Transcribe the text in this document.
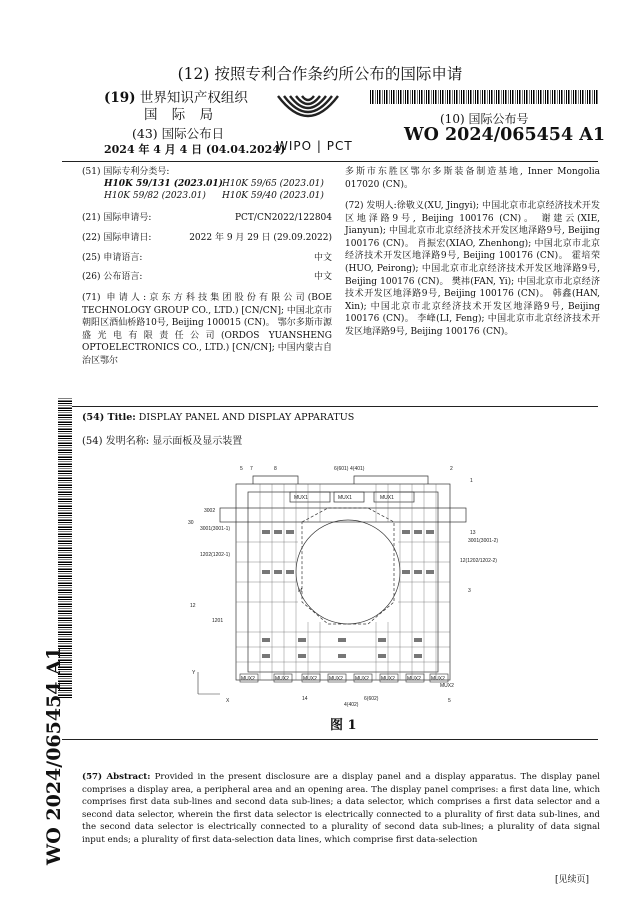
(12) 按照专利合作条约所公布的国际申请
(19) 世界知识产权组织
国 际 局
(43) 国际公布日
2024 年 4 月 4 日 (04.04.2024)
WIPO | PCT
(10) 国际公布号
WO 2024/065454 A1
(51) 国际专利分类号:
H10K 59/131 (2023.01) H10K 59/65 (2023.01)
H10K 59/82 (2023.01) H10K 59/40 (2023.01)
(21) 国际申请号:	PCT/CN2022/122804
(22) 国际申请日:	2022 年 9 月 29 日 (29.09.2022)
(25) 申请语言:	中文
(26) 公布语言:	中文
(71) 申请人:京东方科技集团股份有限公司(BOE TECHNOLOGY GROUP CO., LTD.) [CN/CN]; 中国北京市朝阳区酒仙桥路10号, Beijing 100015 (CN)。 鄂尔多斯市源盛光电有限责任公司(ORDOS YUANSHENG OPTOELECTRONICS CO., LTD.) [CN/CN]; 中国内蒙古自治区鄂尔
多斯市东胜区鄂尔多斯装备制造基地, Inner Mongolia 017020 (CN)。
(72) 发明人:徐敬义(XU, Jingyi); 中国北京市北京经济技术开发区地泽路9号, Beijing 100176 (CN)。 谢建云(XIE, Jianyun); 中国北京市北京经济技术开发区地泽路9号, Beijing 100176 (CN)。 肖振宏(XIAO, Zhenhong); 中国北京市北京经济技术开发区地泽路9号, Beijing 100176 (CN)。 霍培荣(HUO, Peirong); 中国北京市北京经济技术开发区地泽路9号, Beijing 100176 (CN)。 樊祎(FAN, Yi); 中国北京市北京经济技术开发区地泽路9号, Beijing 100176 (CN)。 韩鑫(HAN, Xin); 中国北京市北京经济技术开发区地泽路9号, Beijing 100176 (CN)。 李峰(LI, Feng); 中国北京市北京经济技术开发区地泽路9号, Beijing 100176 (CN)。
WO 2024/065454 A1
(54) Title: DISPLAY PANEL AND DISPLAY APPARATUS
(54) 发明名称: 显示面板及显示装置
5 7	8	6(601) 4(401)	2
1
3002
30
3001(3001-1)
13
3001(3001-2)
1202(1202-1)
12(1202/1202-2)
M	3
12
1201
MUX1	MUX1	MUX1
MUX2	MUX2	MUX2 MUX2 MUX2 MUX2 MUX2 MUX2
MUX2
14
4(402)
6(602)	5
Y
X
图 1
(57) Abstract: Provided in the present disclosure are a display panel and a display apparatus. The display panel comprises a display area, a peripheral area and an opening area. The display panel comprises: a first data line, which comprises first data sub-lines and second data sub-lines; a data selector, which comprises a first data selector and a second data selector, wherein the first data selector is electrically connected to a plurality of first data sub-lines, and the second data selector is electrically connected to a plurality of second data sub-lines; a plurality of data signal input ends; a plurality of first data-selection data lines, which comprise first data-selection
[见续页]
